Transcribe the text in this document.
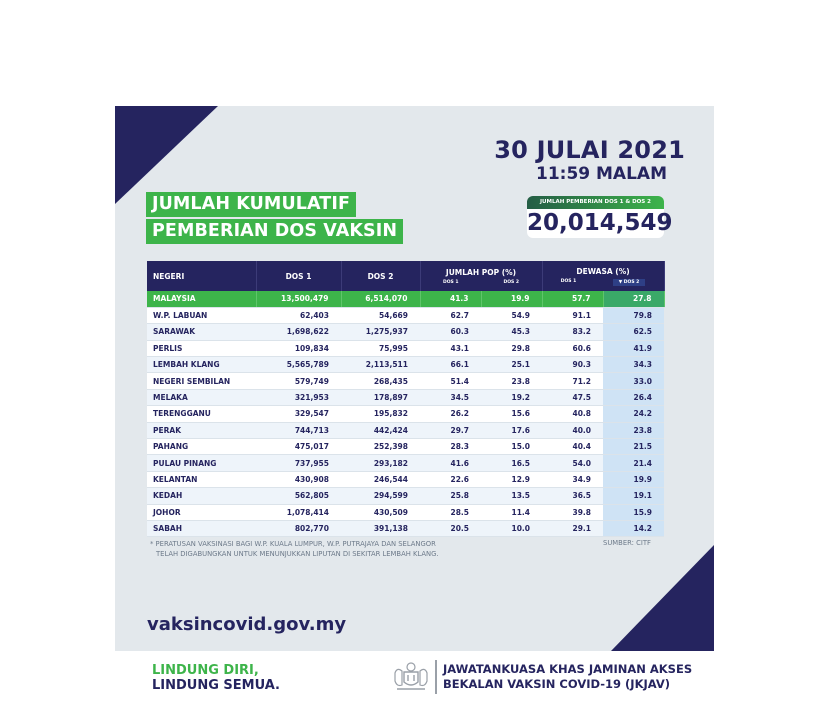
30 JULAI 2021
11:59 MALAM
JUMLAH KUMULATIF
PEMBERIAN DOS VAKSIN
JUMLAH PEMBERIAN DOS 1 & DOS 2
20,014,549
NEGERI	DOS 1	DOS 2	JUMLAH POP (%)
DOS 1	DOS 2

DEWASA (%)
DOS 1	▼ DOS 2

MALAYSIA	13,500,479	6,514,070	41.3	19.9	57.7	27.8
W.P. LABUAN	62,403	54,669	62.7	54.9	91.1	79.8
SARAWAK	1,698,622	1,275,937	60.3	45.3	83.2	62.5
PERLIS	109,834	75,995	43.1	29.8	60.6	41.9
LEMBAH KLANG	5,565,789	2,113,511	66.1	25.1	90.3	34.3
NEGERI SEMBILAN	579,749	268,435	51.4	23.8	71.2	33.0
MELAKA	321,953	178,897	34.5	19.2	47.5	26.4
TERENGGANU	329,547	195,832	26.2	15.6	40.8	24.2
PERAK	744,713	442,424	29.7	17.6	40.0	23.8
PAHANG	475,017	252,398	28.3	15.0	40.4	21.5
PULAU PINANG	737,955	293,182	41.6	16.5	54.0	21.4
KELANTAN	430,908	246,544	22.6	12.9	34.9	19.9
KEDAH	562,805	294,599	25.8	13.5	36.5	19.1
JOHOR	1,078,414	430,509	28.5	11.4	39.8	15.9
SABAH	802,770	391,138	20.5	10.0	29.1	14.2
* PERATUSAN VAKSINASI BAGI W.P. KUALA LUMPUR, W.P. PUTRAJAYA DAN SELANGOR
TELAH DIGABUNGKAN UNTUK MENUNJUKKAN LIPUTAN DI SEKITAR LEMBAH KLANG.
SUMBER: CITF
vaksincovid.gov.my
LINDUNG DIRI,
LINDUNG SEMUA.
JAWATANKUASA KHAS JAMINAN AKSES
BEKALAN VAKSIN COVID-19 (JKJAV)
